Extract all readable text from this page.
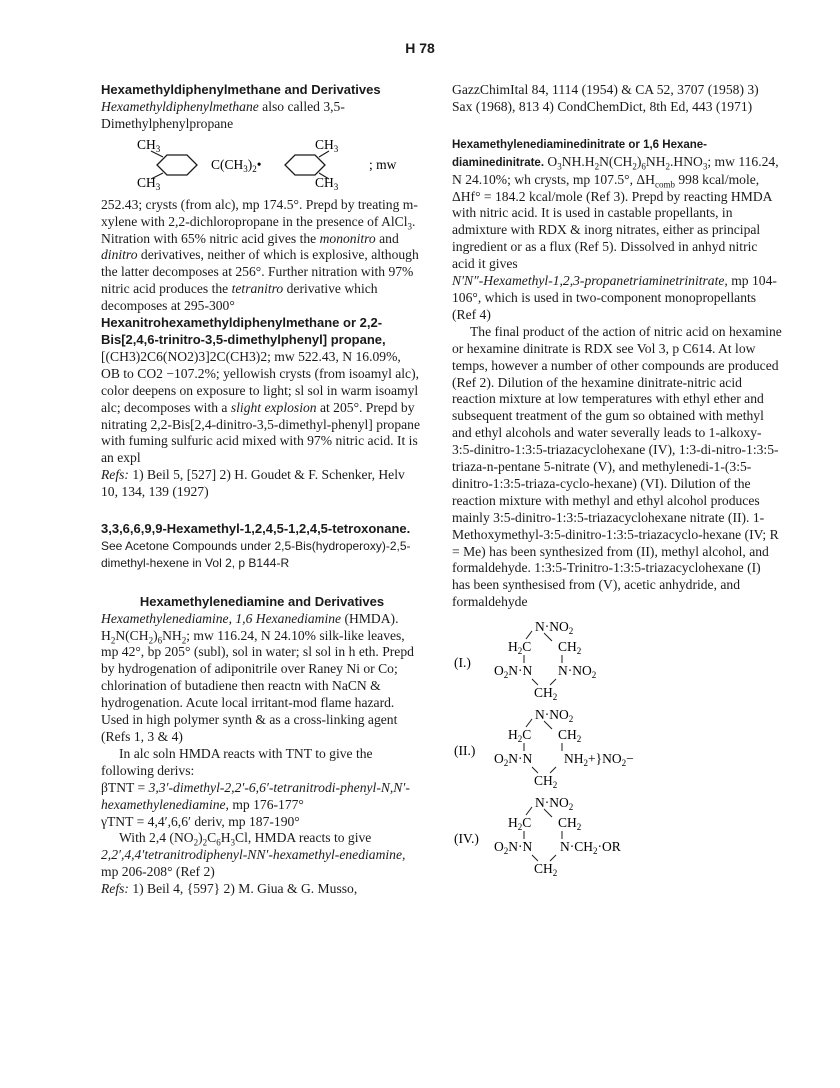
H 78

Hexamethyldiphenylmethane and Derivatives

Hexamethyldiphenylmethane also called 3,5-Dimethylphenylpropane

$CH_3$	$CH_3$
$C(CH_3)_2•$	; mw
$CH_3$	$CH_3$

252.43; crysts (from alc), mp 174.5°. Prepd by treating m-xylene with 2,2-dichloropropane in the presence of AlCl$_3$. Nitration with 65% nitric acid gives the mononitro and dinitro derivatives, neither of which is explosive, although the latter decomposes at 256°. Further nitration with 97% nitric acid produces the tetranitro derivative which decomposes at 295-300°

Hexanitrohexamethyldiphenylmethane or 2,2-Bis[2,4,6-trinitro-3,5-dimethylphenyl] propane,

[(CH3)2C6(NO2)3]2C(CH3)2; mw 522.43, N 16.09%, OB to CO2 −107.2%; yellowish crysts (from isoamyl alc), color deepens on exposure to light; sl sol in warm isoamyl alc; decomposes with a slight explosion at 205°. Prepd by nitrating 2,2-Bis[2,4-dinitro-3,5-dimethyl-phenyl] propane with fuming sulfuric acid mixed with 97% nitric acid. It is an expl

Refs: 1) Beil 5, [527] 2) H. Goudet & F. Schenker, Helv 10, 134, 139 (1927)

3,3,6,6,9,9-Hexamethyl-1,2,4,5-1,2,4,5-tetroxonane. See Acetone Compounds under 2,5-Bis(hydroperoxy)-2,5-dimethyl-hexene in Vol 2, p B144-R

Hexamethylenediamine and Derivatives

Hexamethylenediamine, 1,6 Hexanediamine (HMDA). $H_2N(CH_2)_6NH_2$; mw 116.24, N 24.10% silk-like leaves, mp 42°, bp 205° (subl), sol in water; sl sol in h eth. Prepd by hydrogenation of adiponitrile over Raney Ni or Co; chlorination of butadiene then reactn with NaCN & hydrogenation. Acute local irritant-mod flame hazard. Used in high polymer synth & as a cross-linking agent (Refs 1, 3 & 4)

In alc soln HMDA reacts with TNT to give the following derivs:

βTNT = 3,3′-dimethyl-2,2′-6,6′-tetranitrodi-phenyl-N,N′-hexamethylenediamine, mp 176-177°

γTNT = 4,4′,6,6′ deriv, mp 187-190°

With 2,4 $(NO_2)_2C_6H_3Cl$, HMDA reacts to give 2,2′,4,4′tetranitrodiphenyl-NN′-hexamethyl-enediamine, mp 206-208° (Ref 2)

Refs: 1) Beil 4, {597} 2) M. Giua & G. Musso,

GazzChimItal 84, 1114 (1954) & CA 52, 3707 (1958) 3) Sax (1968), 813 4) CondChemDict, 8th Ed, 443 (1971)

Hexamethylenediaminedinitrate or 1,6 Hexane-diaminedinitrate. $O_3NH.H_2N(CH_2)_6NH_2.HNO_3$; mw 116.24, N 24.10%; wh crysts, mp 107.5°, $\Delta H_{comb}$ 998 kcal/mole, ΔHf° = 184.2 kcal/mole (Ref 3). Prepd by reacting HMDA with nitric acid. It is used in castable propellants, in admixture with RDX & inorg nitrates, either as principal ingredient or as a flux (Ref 5). Dissolved in anhyd nitric acid it gives

N′N″-Hexamethyl-1,2,3-propanetriaminetrinitrate, mp 104-106°, which is used in two-component monopropellants (Ref 4)

The final product of the action of nitric acid on hexamine or hexamine dinitrate is RDX see Vol 3, p C614. At low temps, however a number of other compounds are produced (Ref 2). Dilution of the hexamine dinitrate-nitric acid reaction mixture at low temperatures with ethyl ether and subsequent treatment of the gum so obtained with methyl and ethyl alcohols and water severally leads to 1-alkoxy-3:5-dinitro-1:3:5-triazacyclohexane (IV), 1:3-di-nitro-1:3:5-triaza-n-pentane 5-nitrate (V), and methylenedi-1-(3:5-dinitro-1:3:5-triaza-cyclo-hexane) (VI). Dilution of the reaction mixture with methyl and ethyl alcohol produces mainly 3:5-dinitro-1:3:5-triazacyclohexane nitrate (II). 1-Methoxymethyl-3:5-dinitro-1:3:5-triazacyclo-hexane (IV; R = Me) has been synthesized from (II), methyl alcohol, and formaldehyde. 1:3:5-Trinitro-1:3:5-triazacyclohexane (I) has been synthesised from (V), acetic anhydride, and formaldehyde

(I.)
$N\cdot NO_2$
$H_2C$ $CH_2$
$O_2N\cdot N$ $N\cdot NO_2$
$CH_2$
(II.)
$N\cdot NO_2$
$H_2C$ $CH_2$
$O_2N\cdot N$ $NH_2+\}NO_2-$
$CH_2$
(IV.)
$N\cdot NO_2$
$H_2C$ $CH_2$
$O_2N\cdot N$ $N\cdot CH_2\cdot OR$
$CH_2$
